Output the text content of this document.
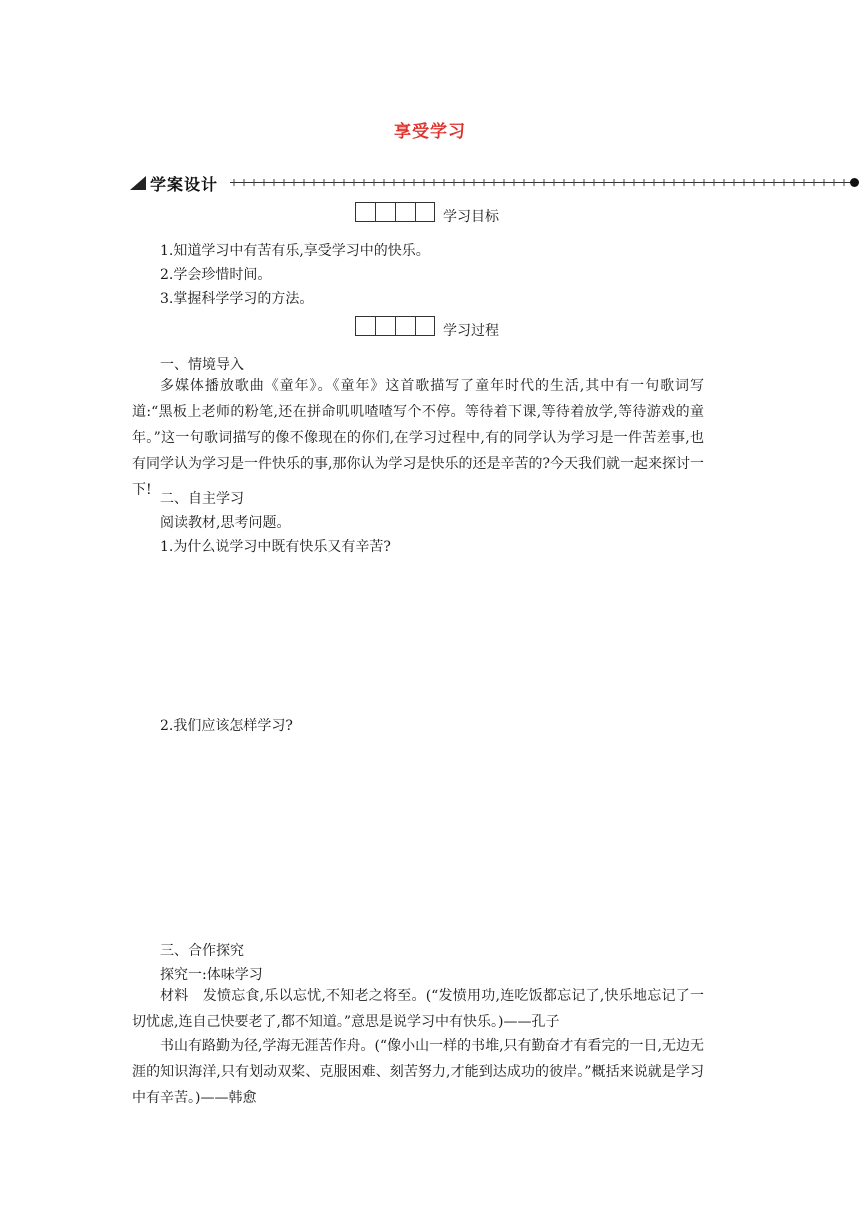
享受学习
学案设计
学习目标
1.知道学习中有苦有乐,享受学习中的快乐。
2.学会珍惜时间。
3.掌握科学学习的方法。
学习过程
一、情境导入
多媒体播放歌曲《童年》。《童年》这首歌描写了童年时代的生活,其中有一句歌词写道:“黑板上老师的粉笔,还在拼命叽叽喳喳写个不停。等待着下课,等待着放学,等待游戏的童年。”这一句歌词描写的像不像现在的你们,在学习过程中,有的同学认为学习是一件苦差事,也有同学认为学习是一件快乐的事,那你认为学习是快乐的还是辛苦的?今天我们就一起来探讨一下!
二、自主学习
阅读教材,思考问题。
1.为什么说学习中既有快乐又有辛苦?
2.我们应该怎样学习?
三、合作探究
探究一:体味学习
材料　发愤忘食,乐以忘忧,不知老之将至。(“发愤用功,连吃饭都忘记了,快乐地忘记了一切忧虑,连自己快要老了,都不知道。”意思是说学习中有快乐。)——孔子
书山有路勤为径,学海无涯苦作舟。(“像小山一样的书堆,只有勤奋才有看完的一日,无边无涯的知识海洋,只有划动双桨、克服困难、刻苦努力,才能到达成功的彼岸。”概括来说就是学习中有辛苦。)——韩愈
